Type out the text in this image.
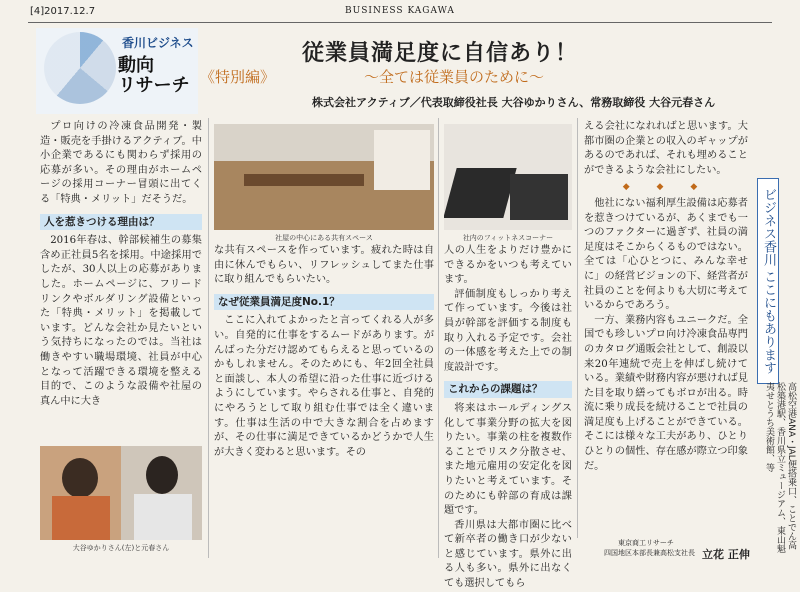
[4]2017.12.7	BUSINESS KAGAWA
香川ビジネス
動向
リサーチ 《特別編》
従業員満足度に自信あり！
～全ては従業員のために～
株式会社アクティブ／代表取締役社長 大谷ゆかりさん、常務取締役 大谷元春さん

プロ向けの冷凍食品開発・製造・販売を手掛けるアクティブ。中小企業であるにも関わらず採用の応募が多い。その理由がホームページの採用コーナー冒頭に出てくる「特典・メリット」だそうだ。

人を惹きつける理由は？

2016年春は、幹部候補生の募集含め正社員5名を採用。中途採用でしたが、30人以上の応募がありました。ホームページに、フリードリンクやボルダリング設備といった「特典・メリット」を掲載しています。どんな会社か見たいという気持ちになったのでは。当社は働きやすい職場環境、社員が中心となって活躍できる環境を整える目的で、このような設備や社屋の真ん中に大き

大谷ゆかりさん(左)と元春さん
社屋の中心にある共有スペース

な共有スペースを作っています。疲れた時は自由に休んでもらい、リフレッシュしてまた仕事に取り組んでもらいたい。

なぜ従業員満足度No.1？

ここに入れてよかったと言ってくれる人が多い。自発的に仕事をするムードがあります。がんばった分だけ認めてもらえると思っているのかもしれません。そのためにも、年2回全社員と面談し、本人の希望に沿った仕事に近づけるようにしています。やらされる仕事と、自発的にやろうとして取り組む仕事では全く違います。仕事は生活の中で大きな割合を占めますが、その仕事に満足できているかどうかで人生が大きく変わると思います。その

社内のフィットネスコーナー

人の人生をよりだけ豊かにできるかをいつも考えています。

評価制度もしっかり考えて作っています。今後は社員が幹部を評価する制度も取り入れる予定です。会社の一体感を考えた上での制度設計です。

これからの課題は？

将来はホールディングス化して事業分野の拡大を図りたい。事業の柱を複数作ることでリスク分散させ、また地元雇用の安定化を図りたいと考えています。そのためにも幹部の育成は課題です。

香川県は大都市圏に比べて新卒者の働き口が少ないと感じています。県外に出る人も多い。県外に出なくても選択してもら

える会社になれればと思います。大都市圏の企業との収入のギャップがあるのであれば、それも埋めることができるような会社にしたい。

◆ ◆ ◆

他社にない福利厚生設備は応募者を惹きつけているが、あくまでも一つのファクターに過ぎず、社員の満足度はそこからくるものではない。全ては「心ひとつに、みんな幸せに」の経営ビジョンの下、経営者が社員のことを何よりも大切に考えているからであろう。

一方、業務内容もユニークだ。全国でも珍しいプロ向け冷凍食品専門のカタログ通販会社として、創設以来20年連続で売上を伸ばし続けている。業績や財務内容が悪ければ見た目を取り繕ってもボロが出る。時流に乗り成長を続けることで社員の満足度も上げることができている。そこには様々な工夫があり、ひとりひとりの個性、存在感が際立つ印象だ。

ビジネス香川 ここにもあります
高松空港ANA・JAL便搭乗口、ことでん高松築港駅、香川県立ミュージアム、東山魁夷せとうち美術館、等
東京商工リサーチ
四国地区本部長兼高松支社長 立花 正伸
